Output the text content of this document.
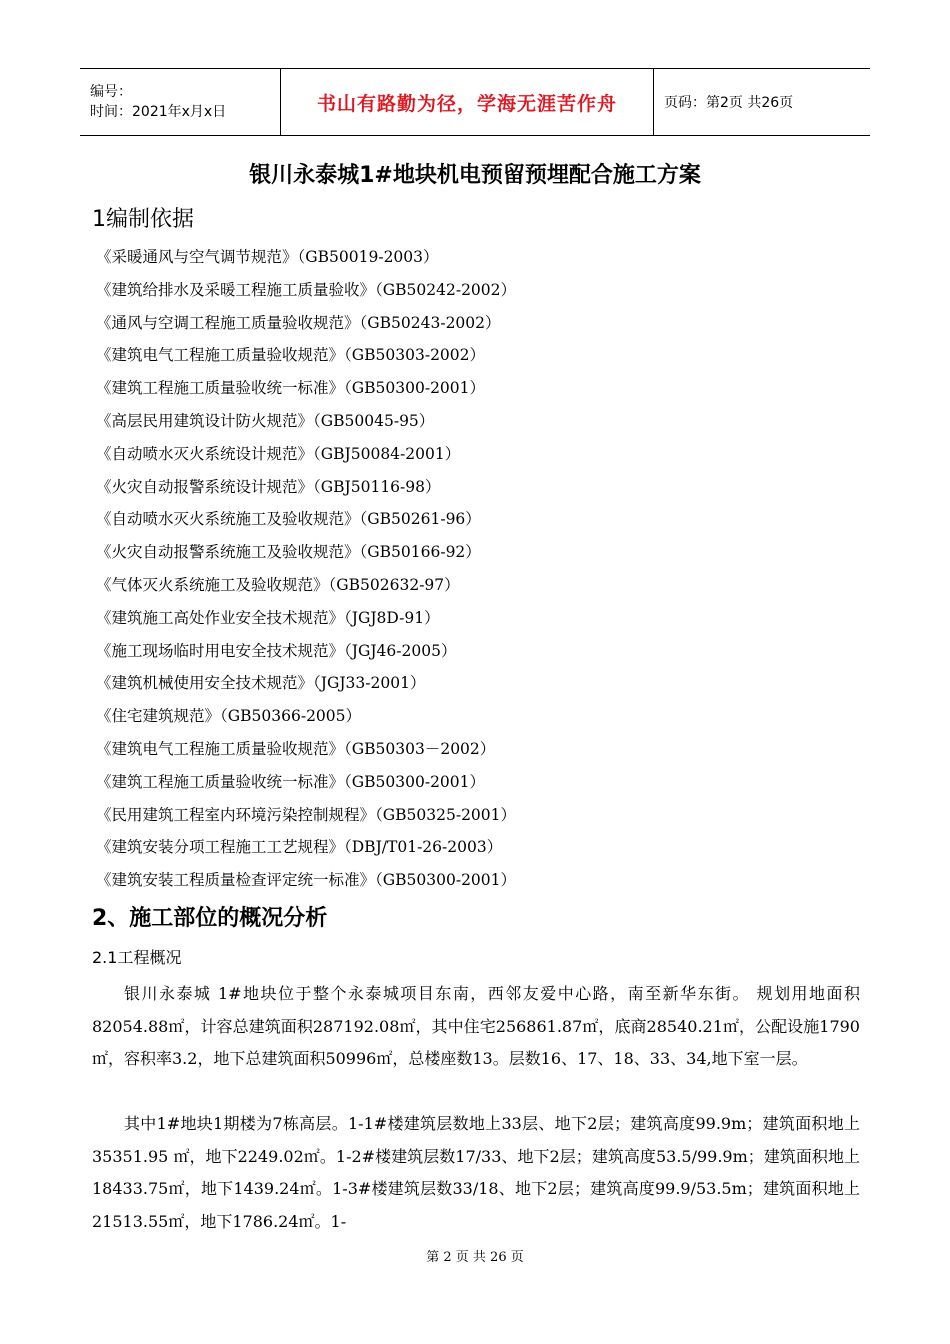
编号：
时间：2021年x月x日	书山有路勤为径，学海无涯苦作舟	页码：第2页 共26页
银川永泰城1#地块机电预留预埋配合施工方案
1编制依据
《采暖通风与空气调节规范》（GB50019-2003）
《建筑给排水及采暖工程施工质量验收》（GB50242-2002）
《通风与空调工程施工质量验收规范》（GB50243-2002）
《建筑电气工程施工质量验收规范》（GB50303-2002）
《建筑工程施工质量验收统一标准》（GB50300-2001）
《高层民用建筑设计防火规范》（GB50045-95）
《自动喷水灭火系统设计规范》（GBJ50084-2001）
《火灾自动报警系统设计规范》（GBJ50116-98）
《自动喷水灭火系统施工及验收规范》（GB50261-96）
《火灾自动报警系统施工及验收规范》（GB50166-92）
《气体灭火系统施工及验收规范》（GB502632-97）
《建筑施工高处作业安全技术规范》（JGJ8D-91）
《施工现场临时用电安全技术规范》（JGJ46-2005）
《建筑机械使用安全技术规范》（JGJ33-2001）
《住宅建筑规范》（GB50366-2005）
《建筑电气工程施工质量验收规范》（GB50303－2002）
《建筑工程施工质量验收统一标准》（GB50300-2001）
《民用建筑工程室内环境污染控制规程》（GB50325-2001）
《建筑安装分项工程施工工艺规程》（DBJ/T01-26-2003）
《建筑安装工程质量检查评定统一标准》（GB50300-2001）
2、施工部位的概况分析
2.1工程概况

银川永泰城 1#地块位于整个永泰城项目东南，西邻友爱中心路，南至新华东街。 规划用地面积82054.88㎡，计容总建筑面积287192.08㎡，其中住宅256861.87㎡，底商28540.21㎡，公配设施1790㎡，容积率3.2，地下总建筑面积50996㎡，总楼座数13。层数16、17、18、33、34,地下室一层。

其中1#地块1期楼为7栋高层。1-1#楼建筑层数地上33层、地下2层；建筑高度99.9m；建筑面积地上35351.95 ㎡，地下2249.02㎡。1-2#楼建筑层数17/33、地下2层；建筑高度53.5/99.9m；建筑面积地上18433.75㎡，地下1439.24㎡。1-3#楼建筑层数33/18、地下2层；建筑高度99.9/53.5m；建筑面积地上21513.55㎡，地下1786.24㎡。1-

第 2 页 共 26 页
